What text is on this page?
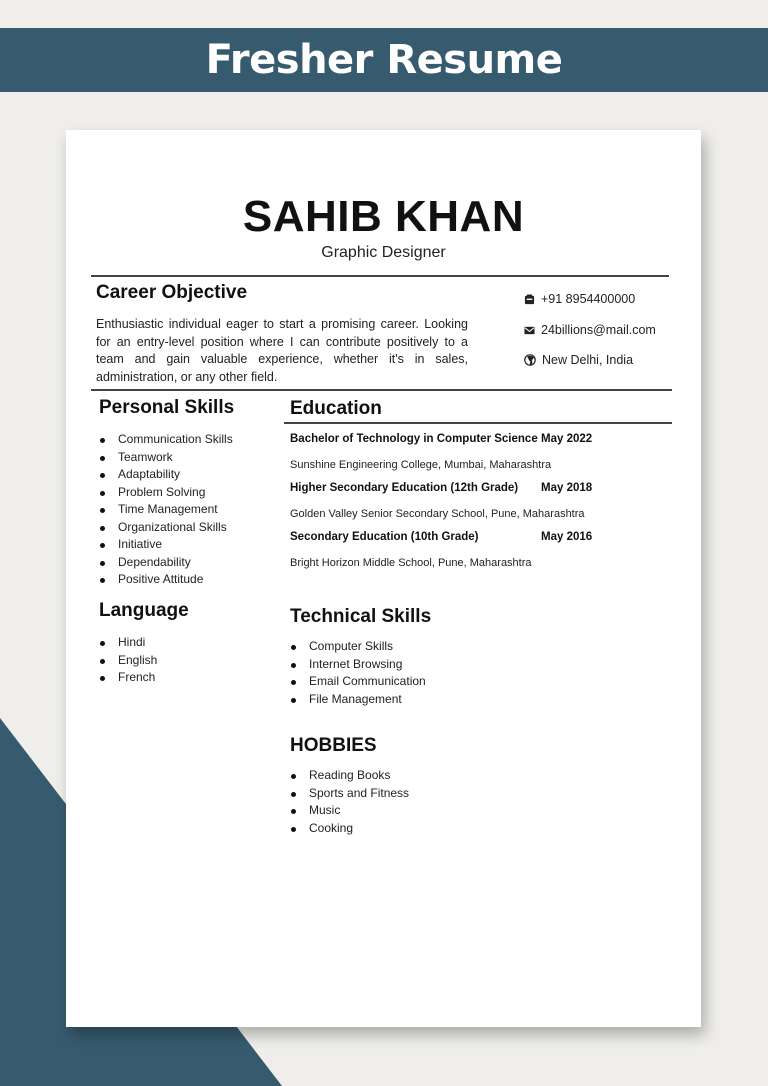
Fresher Resume
SAHIB KHAN
Graphic Designer
Career Objective
Enthusiastic individual eager to start a promising career. Looking for an entry-level position where I can contribute positively to a team and gain valuable experience, whether it's in sales, administration, or any other field.
+91 8954400000
24billions@mail.com
New Delhi, India
Personal Skills
Communication Skills
Teamwork
Adaptability
Problem Solving
Time Management
Organizational Skills
Initiative
Dependability
Positive Attitude
Language
Hindi
English
French
Education
Bachelor of Technology in Computer Science May 2022
Sunshine Engineering College, Mumbai, Maharashtra
Higher Secondary Education (12th Grade) May 2018
Golden Valley Senior Secondary School, Pune, Maharashtra
Secondary Education (10th Grade)	May 2016
Bright Horizon Middle School, Pune, Maharashtra
Technical Skills
Computer Skills
Internet Browsing
Email Communication
File Management
HOBBIES
Reading Books
Sports and Fitness
Music
Cooking
